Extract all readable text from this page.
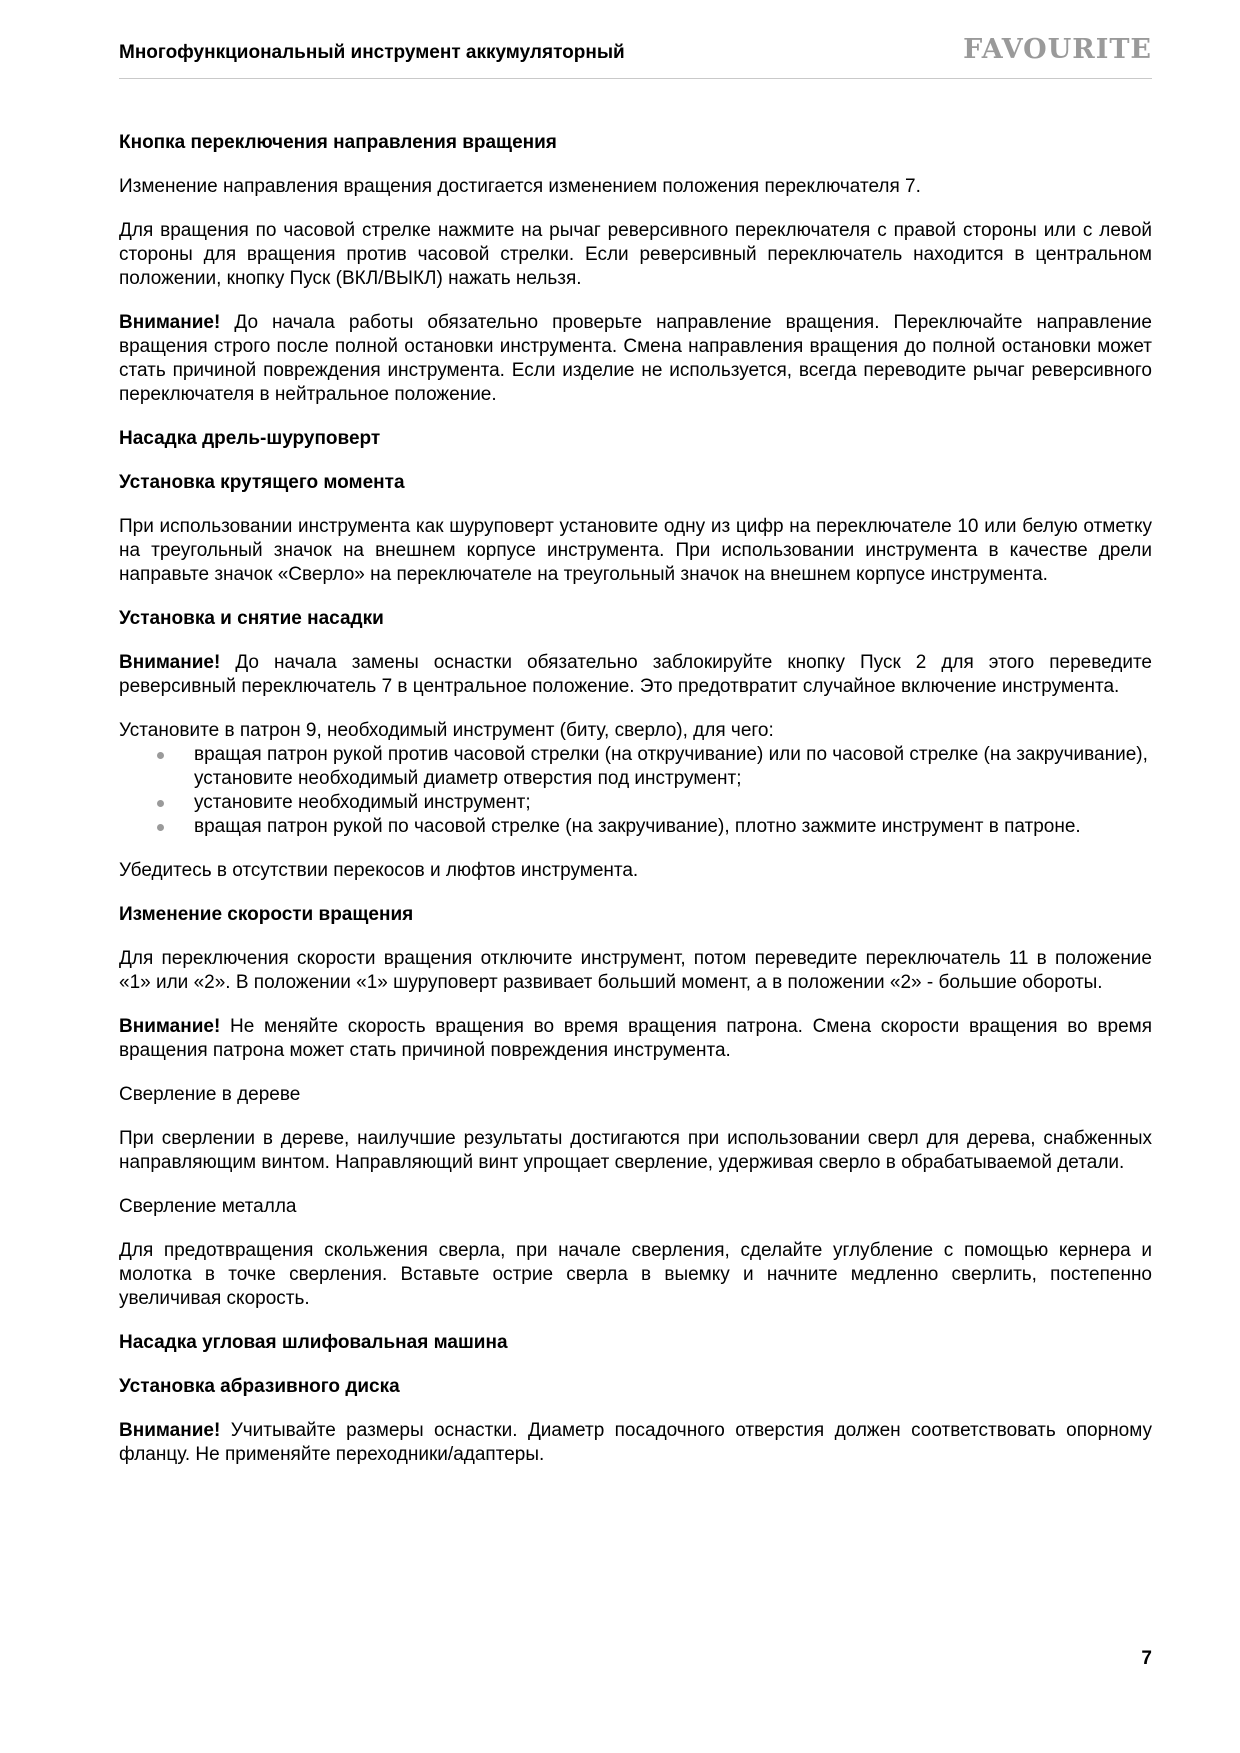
Многофункциональный инструмент аккумуляторный	FAVOURITE

Кнопка переключения направления вращения

Изменение направления вращения достигается изменением положения переключателя 7.

Для вращения по часовой стрелке нажмите на рычаг реверсивного переключателя с правой стороны или с левой стороны для вращения против часовой стрелки. Если реверсивный переключатель находится в центральном положении, кнопку Пуск (ВКЛ/ВЫКЛ) нажать нельзя.

Внимание! До начала работы обязательно проверьте направление вращения. Переключайте направление вращения строго после полной остановки инструмента. Смена направления вращения до полной остановки может стать причиной повреждения инструмента. Если изделие не используется, всегда переводите рычаг реверсивного переключателя в нейтральное положение.

Насадка дрель-шуруповерт

Установка крутящего момента

При использовании инструмента как шуруповерт установите одну из цифр на переключателе 10 или белую отметку на треугольный значок на внешнем корпусе инструмента. При использовании инструмента в качестве дрели направьте значок «Сверло» на переключателе на треугольный значок на внешнем корпусе инструмента.

Установка и снятие насадки

Внимание! До начала замены оснастки обязательно заблокируйте кнопку Пуск 2 для этого переведите реверсивный переключатель 7 в центральное положение. Это предотвратит случайное включение инструмента.

Установите в патрон 9, необходимый инструмент (биту, сверло), для чего:

вращая патрон рукой против часовой стрелки (на откручивание) или по часовой стрелке (на закручивание), установите необходимый диаметр отверстия под инструмент;
установите необходимый инструмент;
вращая патрон рукой по часовой стрелке (на закручивание), плотно зажмите инструмент в патроне.

Убедитесь в отсутствии перекосов и люфтов инструмента.

Изменение скорости вращения

Для переключения скорости вращения отключите инструмент, потом переведите переключатель 11 в положение «1» или «2». В положении «1» шуруповерт развивает больший момент, а в положении «2» - большие обороты.

Внимание! Не меняйте скорость вращения во время вращения патрона. Смена скорости вращения во время вращения патрона может стать причиной повреждения инструмента.

Сверление в дереве

При сверлении в дереве, наилучшие результаты достигаются при использовании сверл для дерева, снабженных направляющим винтом. Направляющий винт упрощает сверление, удерживая сверло в обрабатываемой детали.

Сверление металла

Для предотвращения скольжения сверла, при начале сверления, сделайте углубление с помощью кернера и молотка в точке сверления. Вставьте острие сверла в выемку и начните медленно сверлить, постепенно увеличивая скорость.

Насадка угловая шлифовальная машина

Установка абразивного диска

Внимание! Учитывайте размеры оснастки. Диаметр посадочного отверстия должен соответствовать опорному фланцу. Не применяйте переходники/адаптеры.

7
